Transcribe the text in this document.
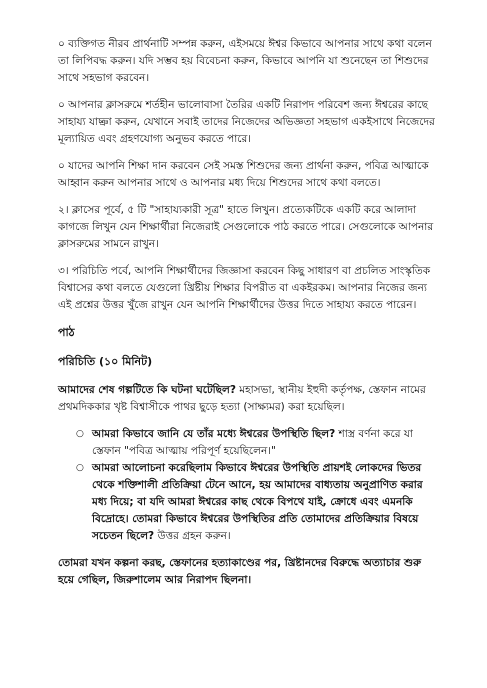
০ ব্যক্তিগত নীরব প্রার্থনাটি সম্পন্ন করুন, এইসময়ে ঈশ্বর কিভাবে আপনার সাথে কথা বলেন তা লিপিবদ্ধ করুন। যদি সম্ভব হয় বিবেচনা করুন, কিভাবে আপনি যা শুনেছেন তা শিশুদের সাথে সহভাগ করবেন।

০ আপনার ক্লাসরুমে শর্তহীন ভালোবাসা তৈরির একটি নিরাপদ পরিবেশ জন্য ঈশ্বরের কাছে সাহায্য যাচ্ঞা করুন, যেখানে সবাই তাদের নিজেদের অভিজ্ঞতা সহভাগ একইসাথে নিজেদের মূল্যায়িত এবং গ্রহণযোগ্য অনুভব করতে পারে।

০ যাদের আপনি শিক্ষা দান করবেন সেই সমস্ত শিশুদের জন্য প্রার্থনা করুন, পবিত্র আত্মাকে আহ্বান করুন আপনার সাথে ও আপনার মধ্য দিয়ে শিশুদের সাথে কথা বলতে।

২। ক্লাসের পূর্বে, ৫ টি "সাহায্যকারী সূত্র" হাতে লিখুন। প্রত্যেকটিকে একটি করে আলাদা কাগজে লিখুন যেন শিক্ষার্থীরা নিজেরাই সেগুলোকে পাঠ করতে পারে। সেগুলোকে আপনার ক্লাসরুমের সামনে রাখুন।

৩। পরিচিতি পর্বে, আপনি শিক্ষার্থীদের জিজ্ঞাসা করবেন কিছু সাধারণ বা প্রচলিত সাংস্কৃতিক বিশ্বাসের কথা বলতে যেগুলো খ্রিষ্টীয় শিক্ষার বিপরীত বা একইরকম। আপনার নিজের জন্য এই প্রশ্নের উত্তর খুঁজে রাখুন যেন আপনি শিক্ষার্থীদের উত্তর দিতে সাহায্য করতে পারেন।

পাঠ
পরিচিতি (১০ মিনিট)

আমাদের শেষ গল্পটিতে কি ঘটনা ঘটেছিল? মহাসভা, স্থানীয় ইহুদী কর্তৃপক্ষ, স্তেফান নামের প্রথমদিককার খৃষ্ট বিশ্বাসীকে পাথর ছুড়ে হত্যা (সাক্ষ্যমর) করা হয়েছিল।

○ আমরা কিভাবে জানি যে তাঁর মধ্যে ঈশ্বরের উপস্থিতি ছিল? শাস্ত্র বর্ণনা করে যা স্তেফান "পবিত্র আত্মায় পরিপূর্ণ হয়েছিলেন।"
○ আমরা আলোচনা করেছিলাম কিভাবে ঈশ্বরের উপস্থিতি প্রায়শই লোকদের ভিতর থেকে শক্তিশালী প্রতিক্রিয়া টেনে আনে, হয় আমাদের বাধ্যতায় অনুপ্রাণিত করার মধ্য দিয়ে; বা যদি আমরা ঈশ্বরের কাছ থেকে বিপথে যাই, ক্রোধে এবং এমনকি বিদ্রোহে। তোমরা কিভাবে ঈশ্বরের উপস্থিতির প্রতি তোমাদের প্রতিক্রিয়ার বিষয়ে সচেতন ছিলে? উত্তর গ্রহন করুন।

তোমরা যখন কল্পনা করছ, স্তেফানের হত্যাকাণ্ডের পর, খ্রিষ্টানদের বিরুদ্ধে অত্যাচার শুরু হয়ে গেছিল, জিরুশালেম আর নিরাপদ ছিলনা।
